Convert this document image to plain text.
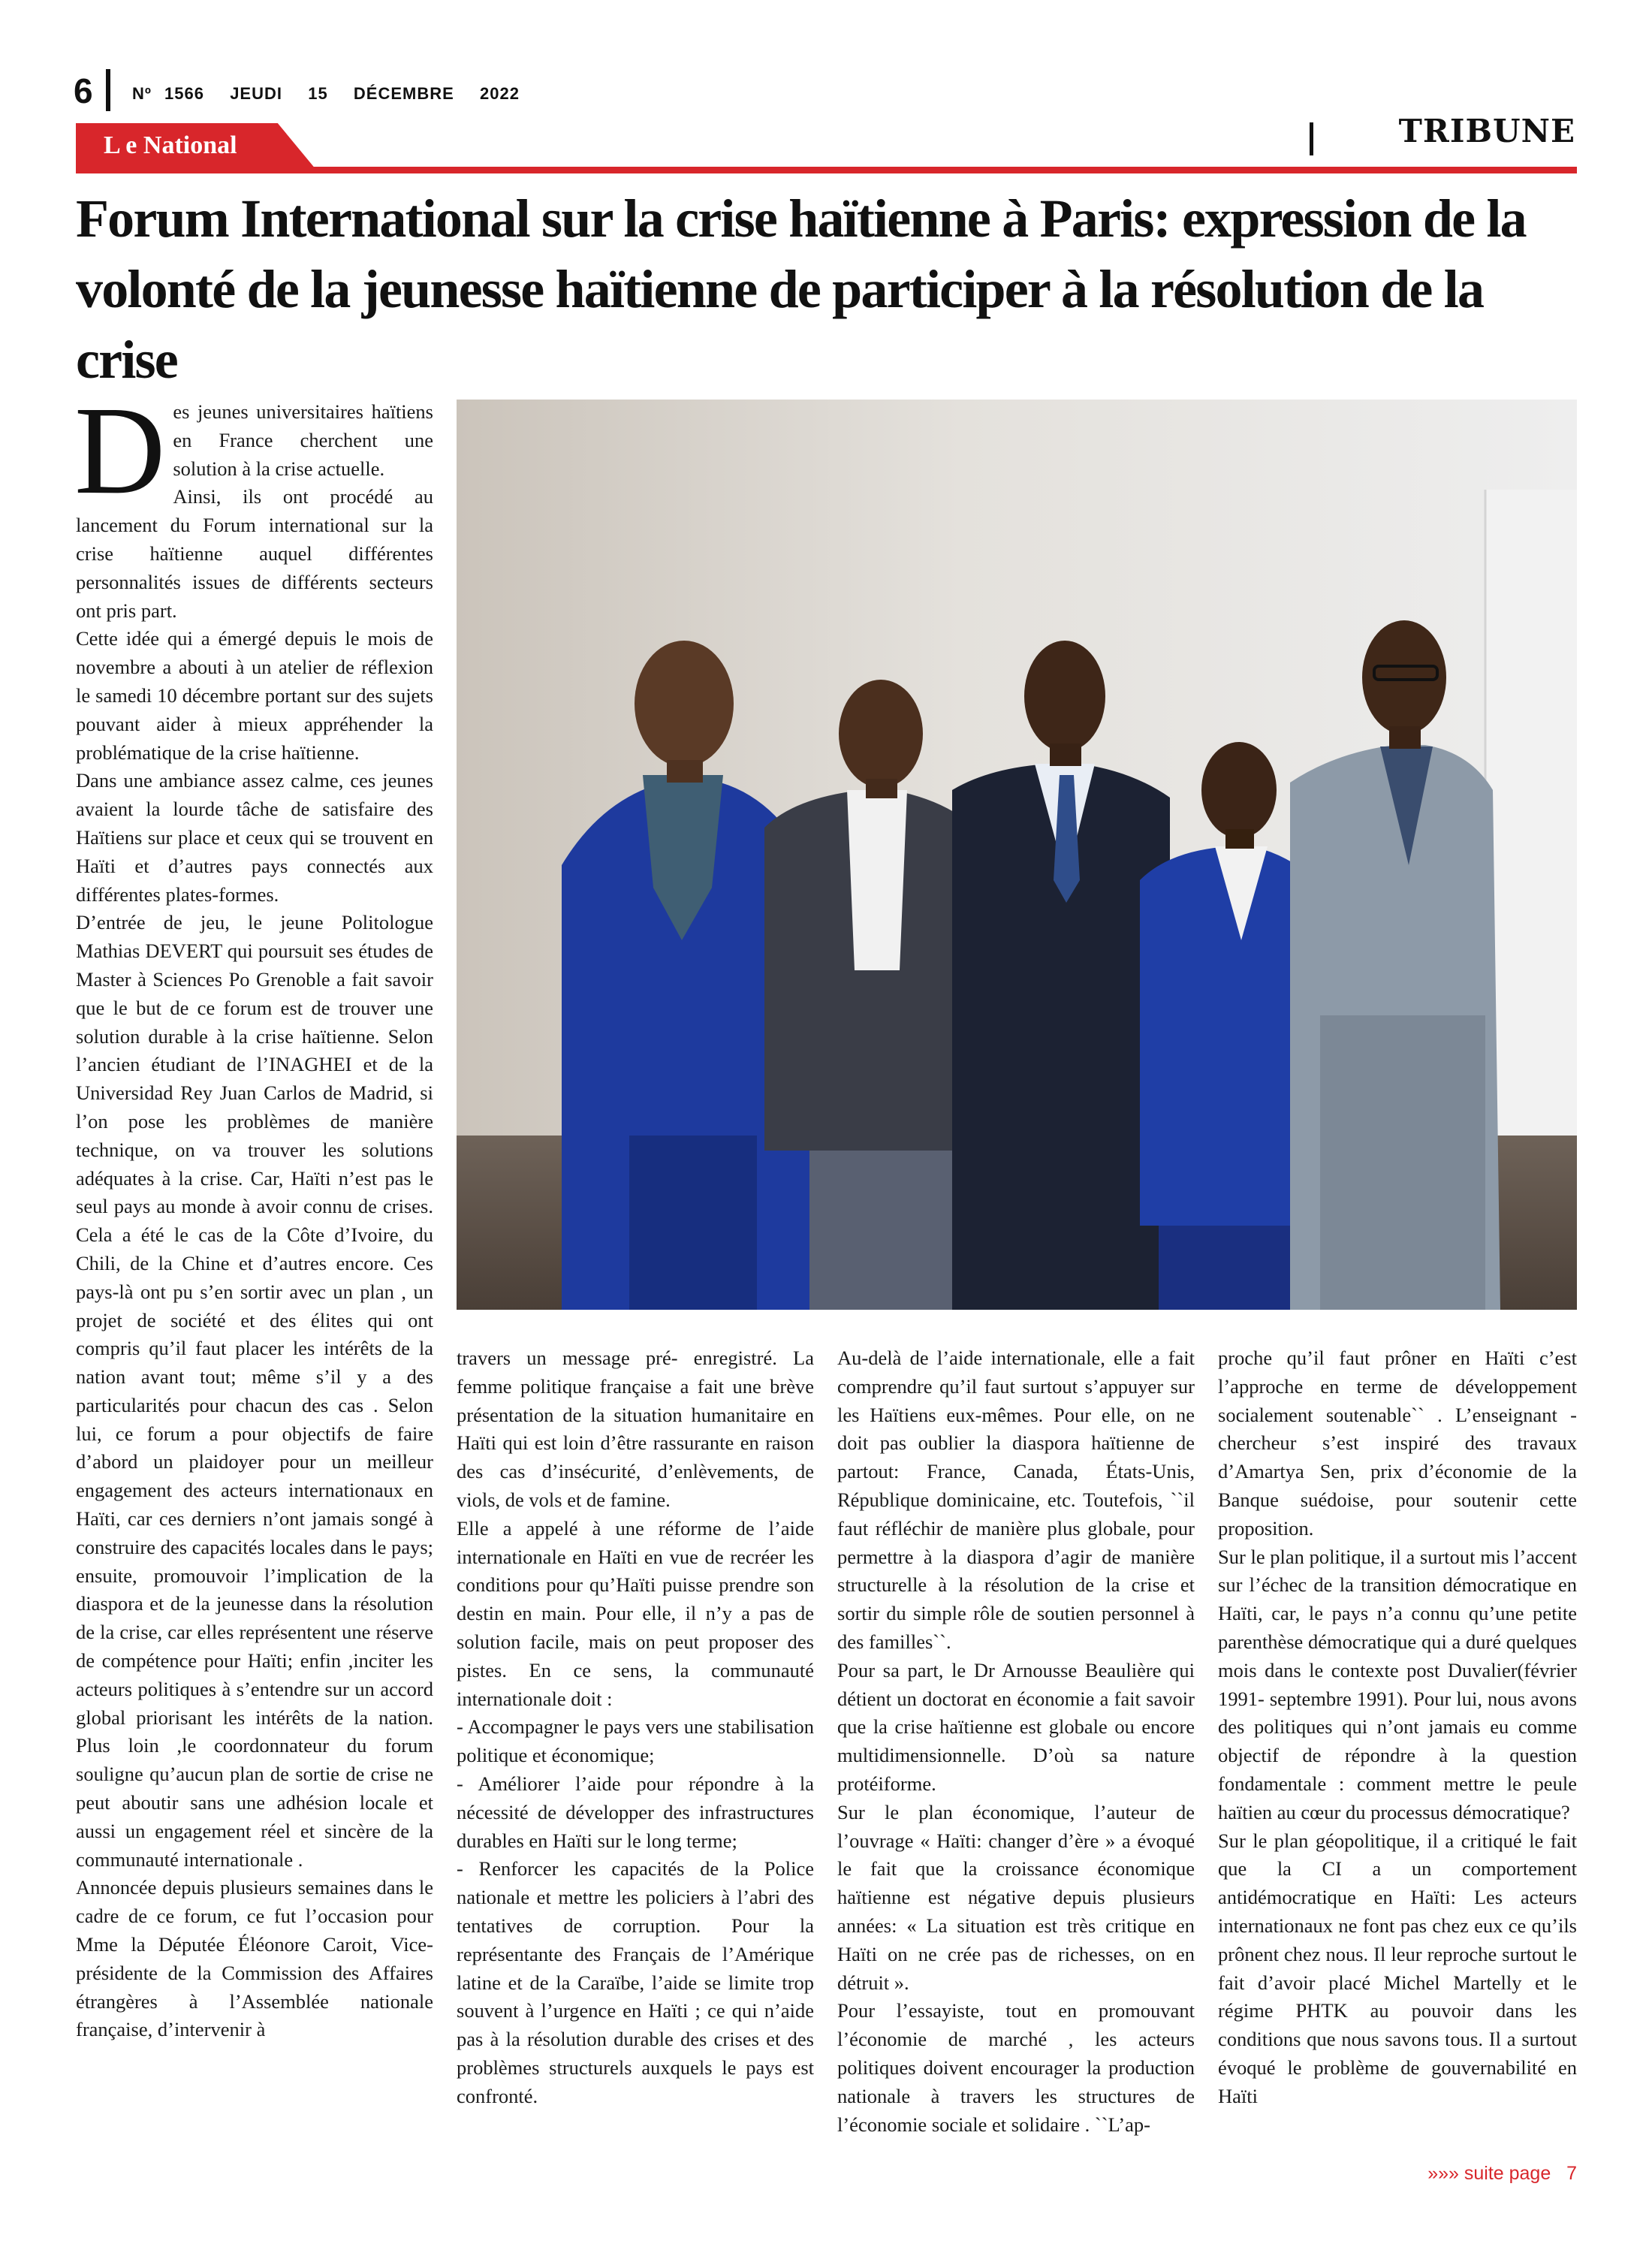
6 Nº 1566  JEUDI  15  DÉCEMBRE  2022
L e National	TRIBUNE
Forum International sur la crise haïtienne à Paris: expression de la volonté de la jeunesse haïtienne de participer à la résolution de la crise

Des jeunes universitaires haïtiens en France cherchent une solution à la crise actuelle.

Ainsi, ils ont procédé au lancement du Forum international sur la crise haïtienne auquel différentes personnalités issues de différents secteurs ont pris part.

Cette idée qui a émergé depuis le mois de novembre a abouti à un atelier de réflexion le samedi 10 décembre portant sur des sujets pouvant aider à mieux appréhender la problématique de la crise haïtienne.

Dans une ambiance assez calme, ces jeunes avaient la lourde tâche de satisfaire des Haïtiens sur place et ceux qui se trouvent en Haïti et d’autres pays connectés aux différentes plates-formes.

D’entrée de jeu, le jeune Politologue Mathias DEVERT qui poursuit ses études de Master à Sciences Po Grenoble a fait savoir que le but de ce forum est de trouver une solution durable à la crise haïtienne. Selon l’ancien étudiant de l’INAGHEI et de la Universidad Rey Juan Carlos de Madrid, si l’on pose les problèmes de manière technique, on va trouver les solutions adéquates à la crise. Car, Haïti n’est pas le seul pays au monde à avoir connu de crises. Cela a été le cas de la Côte d’Ivoire, du Chili, de la Chine et d’autres encore. Ces pays-là ont pu s’en sortir avec un plan , un projet de société et des élites qui ont compris qu’il faut placer les intérêts de la nation avant tout; même s’il y a des particularités pour chacun des cas . Selon lui, ce forum a pour objectifs de faire d’abord un plaidoyer pour un meilleur engagement des acteurs internationaux en Haïti, car ces derniers n’ont jamais songé à construire des capacités locales dans le pays; ensuite, promouvoir l’implication de la diaspora et de la jeunesse dans la résolution de la crise, car elles représentent une réserve de compétence pour Haïti; enfin ,inciter les acteurs politiques à s’entendre sur un accord global priorisant les intérêts de la nation. Plus loin ,le coordonnateur du forum souligne qu’aucun plan de sortie de crise ne peut aboutir sans une adhésion locale et aussi un engagement réel et sincère de la communauté internationale .

Annoncée depuis plusieurs semaines dans le cadre de ce forum, ce fut l’occasion pour Mme la Députée Éléonore Caroit, Vice-présidente de la Commission des Affaires étrangères à l’Assemblée nationale française, d’intervenir à

travers un message pré- enregistré. La femme politique française a fait une brève présentation de la situation humanitaire en Haïti qui est loin d’être rassurante en raison des cas d’insécurité, d’enlèvements, de viols, de vols et de famine.

Elle a appelé à une réforme de l’aide internationale en Haïti en vue de recréer les conditions pour qu’Haïti puisse prendre son destin en main. Pour elle, il n’y a pas de solution facile, mais on peut proposer des pistes. En ce sens, la communauté internationale doit :

- Accompagner le pays vers une stabilisation politique et économique;

- Améliorer l’aide pour répondre à la nécessité de développer des infrastructures durables en Haïti sur le long terme;

- Renforcer les capacités de la Police nationale et mettre les policiers à l’abri des tentatives de corruption. Pour la représentante des Français de l’Amérique latine et de la Caraïbe, l’aide se limite trop souvent à l’urgence en Haïti ; ce qui n’aide pas à la résolution durable des crises et des problèmes structurels auxquels le pays est confronté.

Au-delà de l’aide internationale, elle a fait comprendre qu’il faut surtout s’appuyer sur les Haïtiens eux-mêmes. Pour elle, on ne doit pas oublier la diaspora haïtienne de partout: France, Canada, États-Unis, République dominicaine, etc. Toutefois, ``il faut réfléchir de manière plus globale, pour permettre à la diaspora d’agir de manière structurelle à la résolution de la crise et sortir du simple rôle de soutien personnel à des familles``.

Pour sa part, le Dr Arnousse Beaulière qui détient un doctorat en économie a fait savoir que la crise haïtienne est globale ou encore multidimensionnelle. D’où sa nature protéiforme.

Sur le plan économique, l’auteur de l’ouvrage « Haïti: changer d’ère » a évoqué le fait que la croissance économique haïtienne est négative depuis plusieurs années: « La situation est très critique en Haïti on ne crée pas de richesses, on en détruit ».

Pour l’essayiste, tout en promouvant l’économie de marché , les acteurs politiques doivent encourager la production nationale à travers les structures de l’économie sociale et solidaire . ``L’ap-

proche qu’il faut prôner en Haïti c’est l’approche en terme de développement socialement soutenable`` . L’enseignant -chercheur s’est inspiré des travaux d’Amartya Sen, prix d’économie de la Banque suédoise, pour soutenir cette proposition.

Sur le plan politique, il a surtout mis l’accent sur l’échec de la transition démocratique en Haïti, car, le pays n’a connu qu’une petite parenthèse démocratique qui a duré quelques mois dans le contexte post Duvalier(février 1991- septembre 1991). Pour lui, nous avons des politiques qui n’ont jamais eu comme objectif de répondre à la question fondamentale : comment mettre le peule haïtien au cœur du processus démocratique?

Sur le plan géopolitique, il a critiqué le fait que la CI a un comportement antidémocratique en Haïti: Les acteurs internationaux ne font pas chez eux ce qu’ils prônent chez nous. Il leur reproche surtout le fait d’avoir placé Michel Martelly et le régime PHTK au pouvoir dans les conditions que nous savons tous. Il a surtout évoqué le problème de gouvernabilité en Haïti

»»» suite page   7
